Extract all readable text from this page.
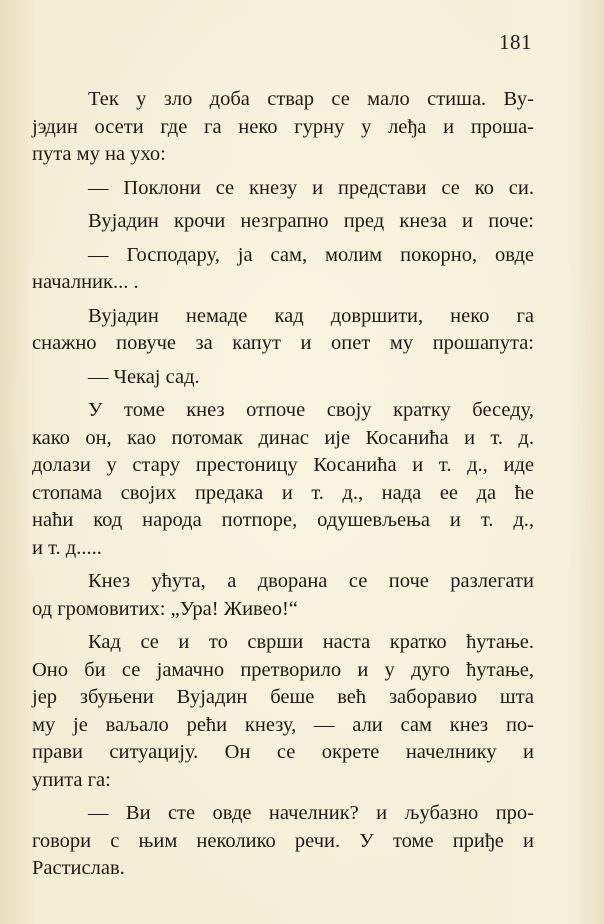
181
Тек у зло доба ствар се мало стиша. Ву-
јэдин осети где га неко гурну у леђа и проша-
пута му на ухо:
— Поклони се кнезу и представи се ко си.
Вујадин крочи незграпно пред кнеза и поче:
— Господару, ја сам, молим покорно, овде
началник... .
Вујадин немаде кад довршити, неко га
снажно повуче за капут и опет му прошапута:
— Чекај сад.
У томе кнез отпоче своју кратку беседу,
како он, као потомак динас иje Косанића и т. д.
долази у стару престоницу Косанића и т. д., иде
стопама својих предака и т. д., нада ее да ће
наћи код народа потпоре, одушевљења и т. д.,
и т. д.....
Кнез ућута, а дворана се поче разлегати
од громовитих: „Ура! Живео!“
Кад се и то сврши наста кратко ћутање.
Оно би се јамачно претворило и у дуго ћутање,
јер збуњени Вујадин беше већ заборавио шта
му је ваљало рећи кнезу, — али сам кнез по-
прави ситуацију. Он се окрете начелнику и
упита га:
— Ви сте овде начелник? и љубазно про-
говори с њим неколико речи. У томе приђе и
Растислав.
